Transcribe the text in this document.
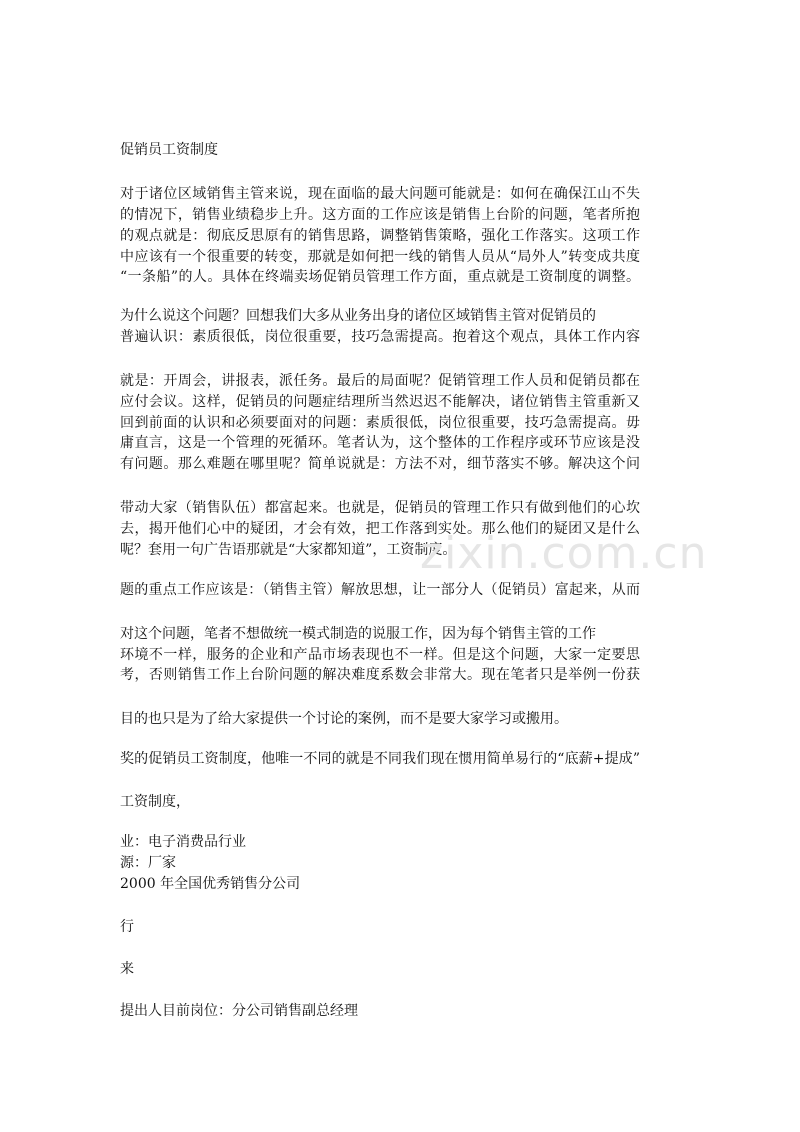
促销员工资制度
对于诸位区域销售主管来说，现在面临的最大问题可能就是：如何在确保江山不失
的情况下，销售业绩稳步上升。这方面的工作应该是销售上台阶的问题，笔者所抱
的观点就是：彻底反思原有的销售思路，调整销售策略，强化工作落实。这项工作
中应该有一个很重要的转变，那就是如何把一线的销售人员从“局外人”转变成共度
“一条船”的人。具体在终端卖场促销员管理工作方面，重点就是工资制度的调整。
为什么说这个问题？回想我们大多从业务出身的诸位区域销售主管对促销员的
普遍认识：素质很低，岗位很重要，技巧急需提高。抱着这个观点，具体工作内容
就是：开周会，讲报表，派任务。最后的局面呢？促销管理工作人员和促销员都在
应付会议。这样，促销员的问题症结理所当然迟迟不能解决，诸位销售主管重新又
回到前面的认识和必须要面对的问题：素质很低，岗位很重要，技巧急需提高。毋
庸直言，这是一个管理的死循环。笔者认为，这个整体的工作程序或环节应该是没
有问题。那么难题在哪里呢？简单说就是：方法不对，细节落实不够。解决这个问
带动大家（销售队伍）都富起来。也就是，促销员的管理工作只有做到他们的心坎
去，揭开他们心中的疑团，才会有效，把工作落到实处。那么他们的疑团又是什么
呢？套用一句广告语那就是“大家都知道”，工资制度。
zixin.com.cn
题的重点工作应该是：（销售主管）解放思想，让一部分人（促销员）富起来，从而
对这个问题，笔者不想做统一模式制造的说服工作，因为每个销售主管的工作
环境不一样，服务的企业和产品市场表现也不一样。但是这个问题，大家一定要思
考，否则销售工作上台阶问题的解决难度系数会非常大。现在笔者只是举例一份获
目的也只是为了给大家提供一个讨论的案例，而不是要大家学习或搬用。
奖的促销员工资制度，他唯一不同的就是不同我们现在惯用简单易行的“底薪+提成”
工资制度，
业：电子消费品行业
源：厂家
2000 年全国优秀销售分公司
行
来
提出人目前岗位：分公司销售副总经理
